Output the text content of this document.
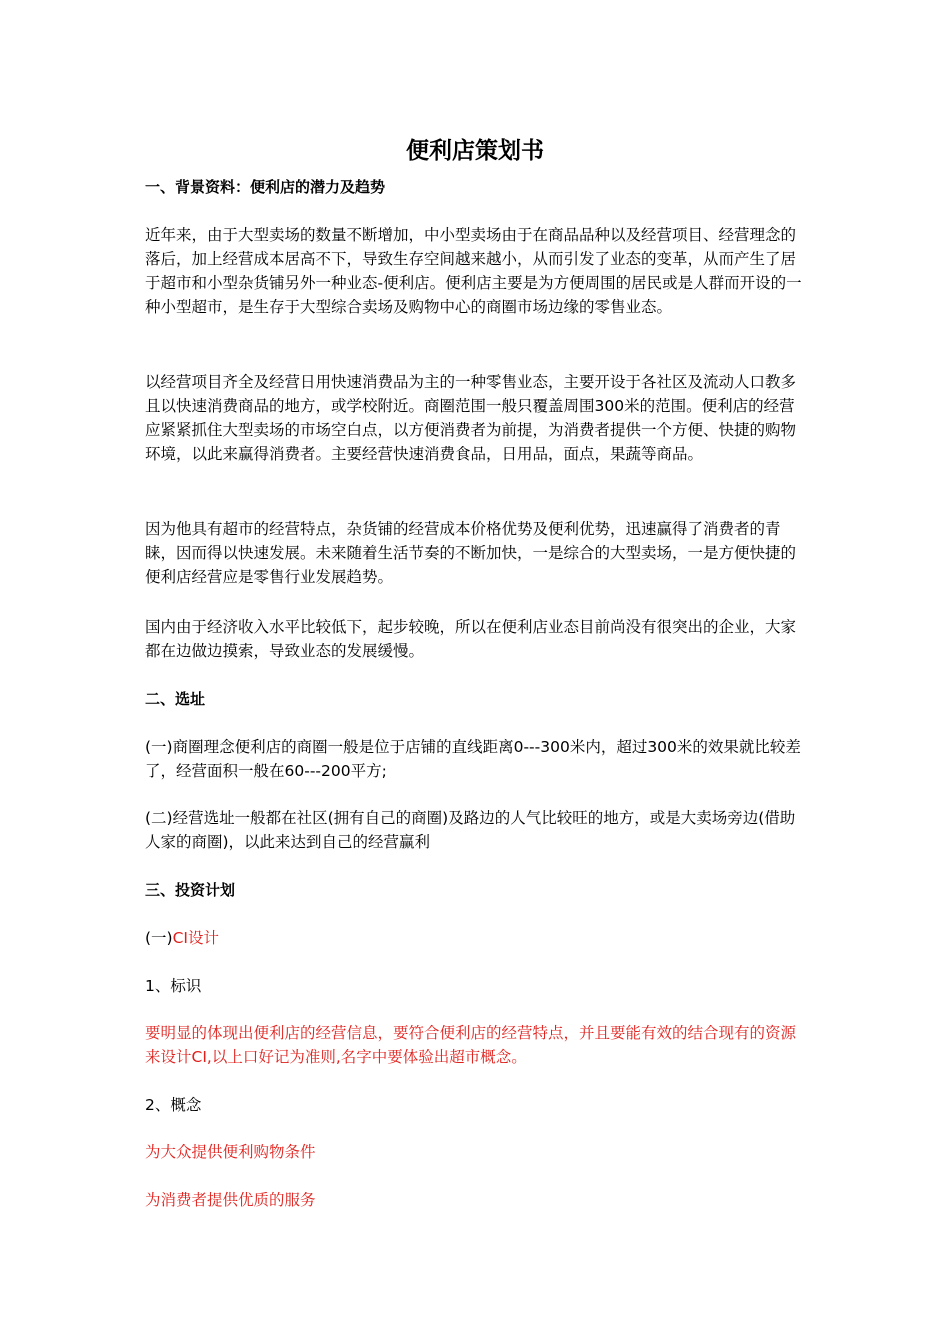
便利店策划书

一、背景资料：便利店的潜力及趋势

近年来，由于大型卖场的数量不断增加，中小型卖场由于在商品品种以及经营项目、经营理念的落后，加上经营成本居高不下，导致生存空间越来越小，从而引发了业态的变革，从而产生了居于超市和小型杂货铺另外一种业态-便利店。便利店主要是为方便周围的居民或是人群而开设的一种小型超市，是生存于大型综合卖场及购物中心的商圈市场边缘的零售业态。

以经营项目齐全及经营日用快速消费品为主的一种零售业态，主要开设于各社区及流动人口教多且以快速消费商品的地方，或学校附近。商圈范围一般只覆盖周围300米的范围。便利店的经营应紧紧抓住大型卖场的市场空白点，以方便消费者为前提，为消费者提供一个方便、快捷的购物环境，以此来赢得消费者。主要经营快速消费食品，日用品，面点，果蔬等商品。

因为他具有超市的经营特点，杂货铺的经营成本价格优势及便利优势，迅速赢得了消费者的青睐，因而得以快速发展。未来随着生活节奏的不断加快，一是综合的大型卖场，一是方便快捷的便利店经营应是零售行业发展趋势。

国内由于经济收入水平比较低下，起步较晚，所以在便利店业态目前尚没有很突出的企业，大家都在边做边摸索，导致业态的发展缓慢。

二、选址

(一)商圈理念便利店的商圈一般是位于店铺的直线距离0---300米内，超过300米的效果就比较差了，经营面积一般在60---200平方;

(二)经营选址一般都在社区(拥有自己的商圈)及路边的人气比较旺的地方，或是大卖场旁边(借助人家的商圈)，以此来达到自己的经营赢利

三、投资计划

(一)CI设计

1、标识

要明显的体现出便利店的经营信息，要符合便利店的经营特点，并且要能有效的结合现有的资源来设计CI,以上口好记为准则,名字中要体验出超市概念。

2、概念

为大众提供便利购物条件

为消费者提供优质的服务
